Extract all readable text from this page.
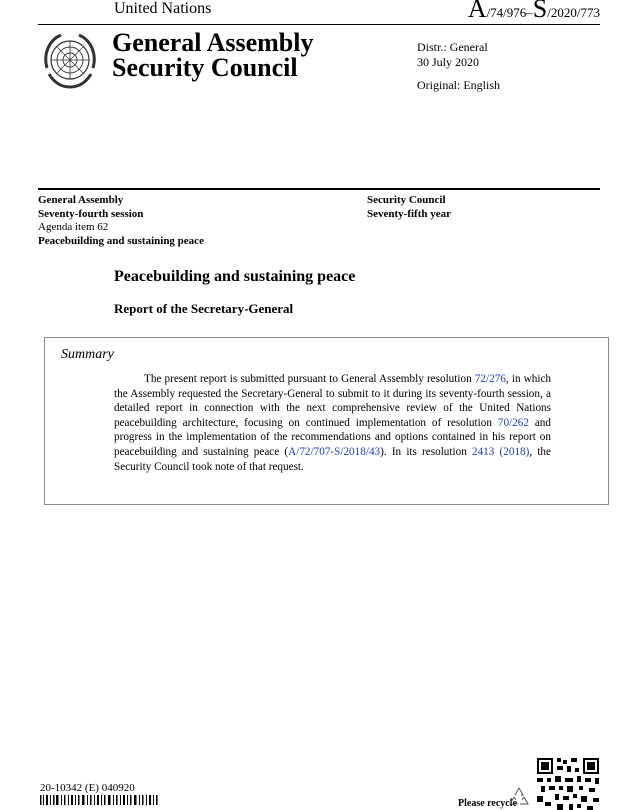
United Nations	A/74/976–S/2020/773
General Assembly
Security Council
Distr.: General
30 July 2020
Original: English
General Assembly
Seventy-fourth session
Agenda item 62
Peacebuilding and sustaining peace
Security Council
Seventy-fifth year
Peacebuilding and sustaining peace
Report of the Secretary-General
Summary
The present report is submitted pursuant to General Assembly resolution 72/276, in which the Assembly requested the Secretary-General to submit to it during its seventy-fourth session, a detailed report in connection with the next comprehensive review of the United Nations peacebuilding architecture, focusing on continued implementation of resolution 70/262 and progress in the implementation of the recommendations and options contained in his report on peacebuilding and sustaining peace (A/72/707-S/2018/43). In its resolution 2413 (2018), the Security Council took note of that request.
20-10342 (E) 040920
Please recycle
